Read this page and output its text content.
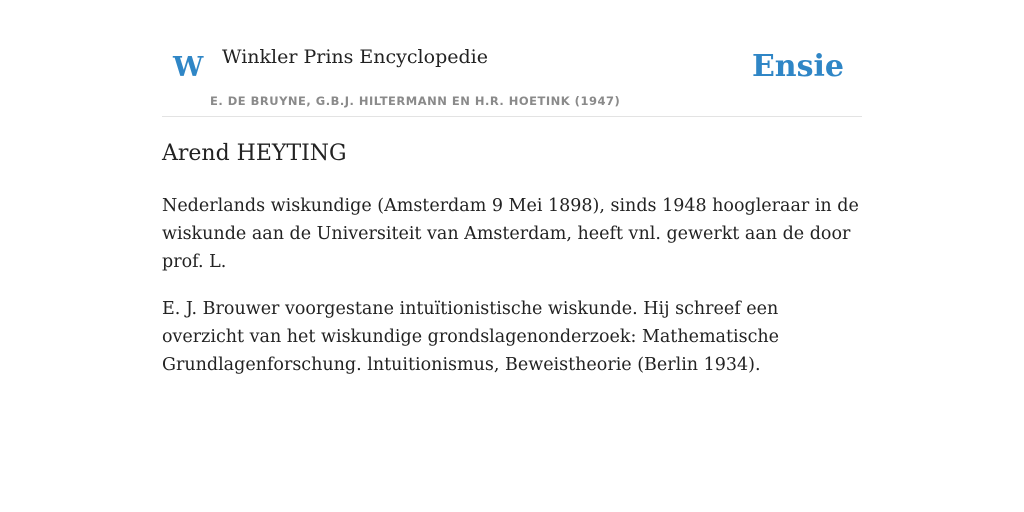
W Winkler Prins Encyclopedie
E. DE BRUYNE, G.B.J. HILTERMANN EN H.R. HOETINK (1947)
Ensie
Arend HEYTING

Nederlands wiskundige (Amsterdam 9 Mei 1898), sinds 1948 hoogleraar in de wiskunde aan de Universiteit van Amsterdam, heeft vnl. gewerkt aan de door prof. L.

E. J. Brouwer voorgestane intuïtionistische wiskunde. Hij schreef een overzicht van het wiskundige grondslagenonderzoek: Mathematische Grundlagenforschung. lntuitionismus, Beweistheorie (Berlin 1934).
